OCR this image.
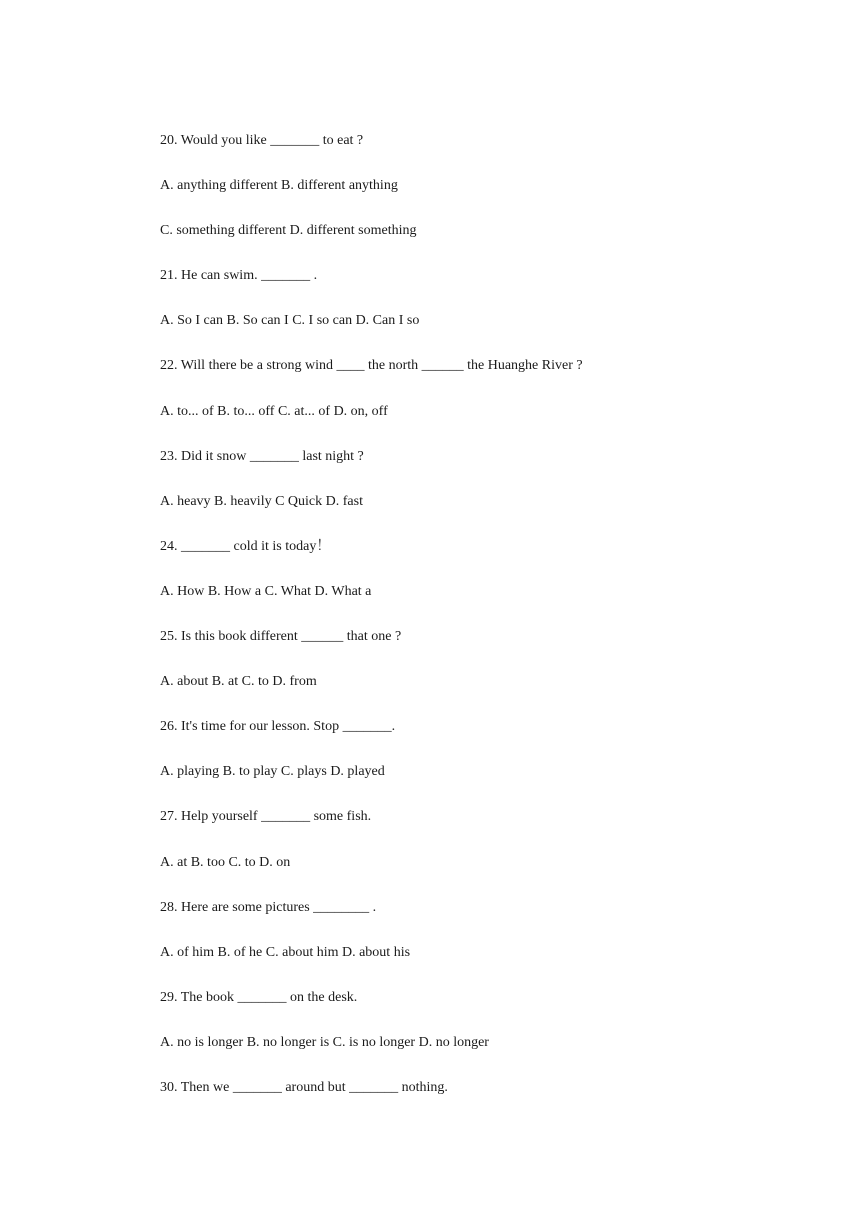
20. Would you like _______ to eat ?
A. anything different B. different anything
C. something different D. different something
21. He can swim. _______ .
A. So I can B. So can I C. I so can D. Can I so
22. Will there be a strong wind ____ the north ______ the Huanghe River ?
A. to... of B. to... off C. at... of D. on, off
23. Did it snow _______ last night ?
A. heavy B. heavily C Quick D. fast
24. _______ cold it is today！
A. How B. How a C. What D. What a
25. Is this book different ______ that one ?
A. about B. at C. to D. from
26. It's time for our lesson. Stop _______.
A. playing B. to play C. plays D. played
27. Help yourself _______ some fish.
A. at B. too C. to D. on
28. Here are some pictures ________ .
A. of him B. of he C. about him D. about his
29. The book _______ on the desk.
A. no is longer B. no longer is C. is no longer D. no longer
30. Then we _______ around but _______ nothing.
